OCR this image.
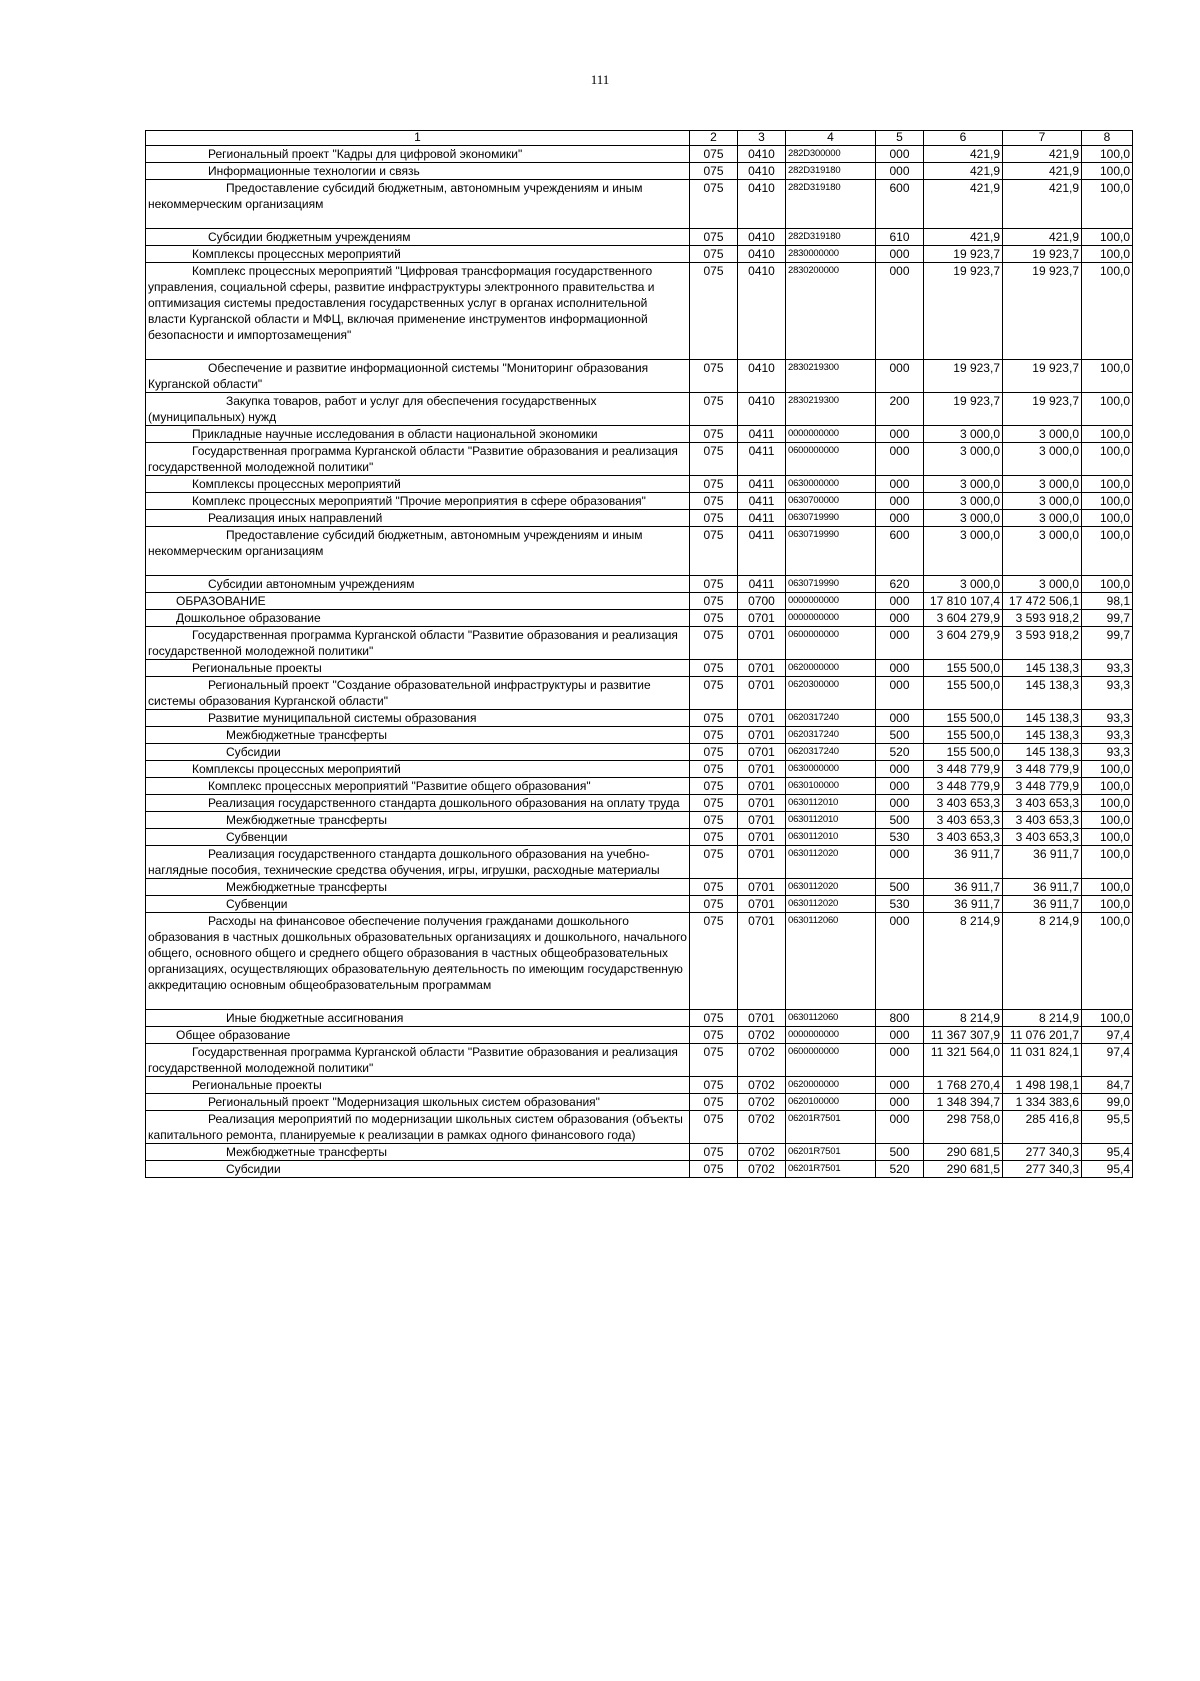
111
1	2	3	4	5	6	7	8

Региональный проект "Кадры для цифровой экономики"	075	0410	282D300000	000	421,9	421,9	100,0

Информационные технологии и связь	075	0410	282D319180	000	421,9	421,9	100,0

Предоставление субсидий бюджетным, автономным учреждениям и иным некоммерческим организациям	075	0410	282D319180	600	421,9	421,9	100,0

Субсидии бюджетным учреждениям	075	0410	282D319180	610	421,9	421,9	100,0

Комплексы процессных мероприятий	075	0410	2830000000	000	19 923,7	19 923,7	100,0

Комплекс процессных мероприятий "Цифровая трансформация государственного управления, социальной сферы, развитие инфраструктуры электронного правительства и оптимизация системы предоставления государственных услуг в органах исполнительной власти Курганской области и МФЦ, включая применение инструментов информационной безопасности и импортозамещения"	075	0410	2830200000	000	19 923,7	19 923,7	100,0

Обеспечение и развитие информационной системы "Мониторинг образования Курганской области"	075	0410	2830219300	000	19 923,7	19 923,7	100,0

Закупка товаров, работ и услуг для обеспечения государственных (муниципальных) нужд	075	0410	2830219300	200	19 923,7	19 923,7	100,0

Прикладные научные исследования в области национальной экономики	075	0411	0000000000	000	3 000,0	3 000,0	100,0

Государственная программа Курганской области "Развитие образования и реализация государственной молодежной политики"	075	0411	0600000000	000	3 000,0	3 000,0	100,0

Комплексы процессных мероприятий	075	0411	0630000000	000	3 000,0	3 000,0	100,0

Комплекс процессных мероприятий "Прочие мероприятия в сфере образования"	075	0411	0630700000	000	3 000,0	3 000,0	100,0

Реализация иных направлений	075	0411	0630719990	000	3 000,0	3 000,0	100,0

Предоставление субсидий бюджетным, автономным учреждениям и иным некоммерческим организациям	075	0411	0630719990	600	3 000,0	3 000,0	100,0

Субсидии автономным учреждениям	075	0411	0630719990	620	3 000,0	3 000,0	100,0

ОБРАЗОВАНИЕ	075	0700	0000000000	000	17 810 107,4	17 472 506,1	98,1

Дошкольное образование	075	0701	0000000000	000	3 604 279,9	3 593 918,2	99,7

Государственная программа Курганской области "Развитие образования и реализация государственной молодежной политики"	075	0701	0600000000	000	3 604 279,9	3 593 918,2	99,7

Региональные проекты	075	0701	0620000000	000	155 500,0	145 138,3	93,3

Региональный проект "Создание образовательной инфраструктуры и развитие системы образования Курганской области"	075	0701	0620300000	000	155 500,0	145 138,3	93,3

Развитие муниципальной системы образования	075	0701	0620317240	000	155 500,0	145 138,3	93,3

Межбюджетные трансферты	075	0701	0620317240	500	155 500,0	145 138,3	93,3

Субсидии	075	0701	0620317240	520	155 500,0	145 138,3	93,3

Комплексы процессных мероприятий	075	0701	0630000000	000	3 448 779,9	3 448 779,9	100,0

Комплекс процессных мероприятий "Развитие общего образования"	075	0701	0630100000	000	3 448 779,9	3 448 779,9	100,0

Реализация государственного стандарта дошкольного образования на оплату труда	075	0701	0630112010	000	3 403 653,3	3 403 653,3	100,0

Межбюджетные трансферты	075	0701	0630112010	500	3 403 653,3	3 403 653,3	100,0

Субвенции	075	0701	0630112010	530	3 403 653,3	3 403 653,3	100,0

Реализация государственного стандарта дошкольного образования на учебно-наглядные пособия, технические средства обучения, игры, игрушки, расходные материалы	075	0701	0630112020	000	36 911,7	36 911,7	100,0

Межбюджетные трансферты	075	0701	0630112020	500	36 911,7	36 911,7	100,0

Субвенции	075	0701	0630112020	530	36 911,7	36 911,7	100,0

Расходы на финансовое обеспечение получения гражданами дошкольного образования в частных дошкольных образовательных организациях и дошкольного, начального общего, основного общего и среднего общего образования в частных общеобразовательных организациях, осуществляющих образовательную деятельность по имеющим государственную аккредитацию основным общеобразовательным программам	075	0701	0630112060	000	8 214,9	8 214,9	100,0

Иные бюджетные ассигнования	075	0701	0630112060	800	8 214,9	8 214,9	100,0

Общее образование	075	0702	0000000000	000	11 367 307,9	11 076 201,7	97,4

Государственная программа Курганской области "Развитие образования и реализация государственной молодежной политики"	075	0702	0600000000	000	11 321 564,0	11 031 824,1	97,4

Региональные проекты	075	0702	0620000000	000	1 768 270,4	1 498 198,1	84,7

Региональный проект "Модернизация школьных систем образования"	075	0702	0620100000	000	1 348 394,7	1 334 383,6	99,0

Реализация мероприятий по модернизации школьных систем образования (объекты капитального ремонта, планируемые к реализации в рамках одного финансового года)	075	0702	06201R7501	000	298 758,0	285 416,8	95,5

Межбюджетные трансферты	075	0702	06201R7501	500	290 681,5	277 340,3	95,4

Субсидии	075	0702	06201R7501	520	290 681,5	277 340,3	95,4
